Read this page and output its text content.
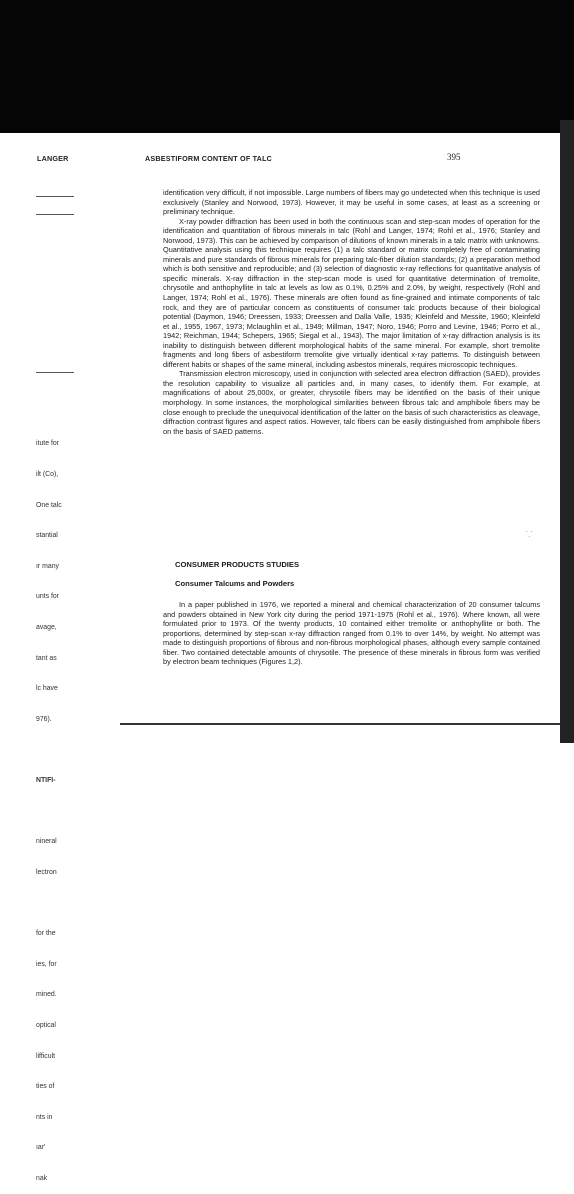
LANGER	ASBESTIFORM CONTENT OF TALC	395

itute for

ilt (Co),

One talc

stantial

ır many

unts for

avage,

tant as

lc have

976).

NTIFI-

nineral

lectron

for the

ies, for

mined.

optical

lifficult

ties of

nts in

ıar'

nak

identification very difficult, if not impossible. Large numbers of fibers may go undetected when this technique is used exclusively (Stanley and Norwood, 1973). However, it may be useful in some cases, at least as a screening or preliminary technique.

X-ray powder diffraction has been used in both the continuous scan and step-scan modes of operation for the identification and quantitation of fibrous minerals in talc (Rohl and Langer, 1974; Rohl et al., 1976; Stanley and Norwood, 1973). This can be achieved by comparison of dilutions of known minerals in a talc matrix with unknowns. Quantitative analysis using this technique requires (1) a talc standard or matrix completely free of contaminating minerals and pure standards of fibrous minerals for preparing talc-fiber dilution standards; (2) a preparation method which is both sensitive and reproducible; and (3) selection of diagnostic x-ray reflections for quantitative analysis of specific minerals. X-ray diffraction in the step-scan mode is used for quantitative determination of tremolite, chrysotile and anthophyllite in talc at levels as low as 0.1%, 0.25% and 2.0%, by weight, respectively (Rohl and Langer, 1974; Rohl et al., 1976). These minerals are often found as fine-grained and intimate components of talc rock, and they are of particular concern as constituents of consumer talc products because of their biological potential (Daymon, 1946; Dreessen, 1933; Dreessen and Dalla Valle, 1935; Kleinfeld and Messite, 1960; Kleinfeld et al., 1955, 1967, 1973; Mclaughlin et al., 1949; Millman, 1947; Noro, 1946; Porro and Levine, 1946; Porro et al., 1942; Reichman, 1944; Schepers, 1965; Siegal et al., 1943). The major limitation of x-ray diffraction analysis is its inability to distinguish between different morphological habits of the same mineral. For example, short tremolite fragments and long fibers of asbestiform tremolite give virtually identical x-ray patterns. To distinguish between different habits or shapes of the same mineral, including asbestos minerals, requires microscopic techniques.

Transmission electron microscopy, used in conjunction with selected area electron diffraction (SAED), provides the resolution capability to visualize all particles and, in many cases, to identify them. For example, at magnifications of about 25,000x, or greater, chrysotile fibers may be identified on the basis of their unique morphology. In some instances, the morphological similarities between fibrous talc and amphibole fibers may be close enough to preclude the unequivocal identification of the latter on the basis of such characteristics as cleavage, diffraction contrast figures and aspect ratios. However, talc fibers can be easily distinguished from amphibole fibers on the basis of SAED patterns.

CONSUMER PRODUCTS STUDIES
Consumer Talcums and Powders

In a paper published in 1976, we reported a mineral and chemical characterization of 20 consumer talcums and powders obtained in New York city during the period 1971-1975 (Rohl et al., 1976). Where known, all were formulated prior to 1973. Of the twenty products, 10 contained either tremolite or anthophyllite or both. The proportions, determined by step-scan x-ray diffraction ranged from 0.1% to over 14%, by weight. No attempt was made to distinguish proportions of fibrous and non-fibrous morphological phases, although every sample contained fiber. Two contained detectable amounts of chrysotile. The presence of these minerals in fibrous form was verified by electron beam techniques (Figures 1,2).

⸪
